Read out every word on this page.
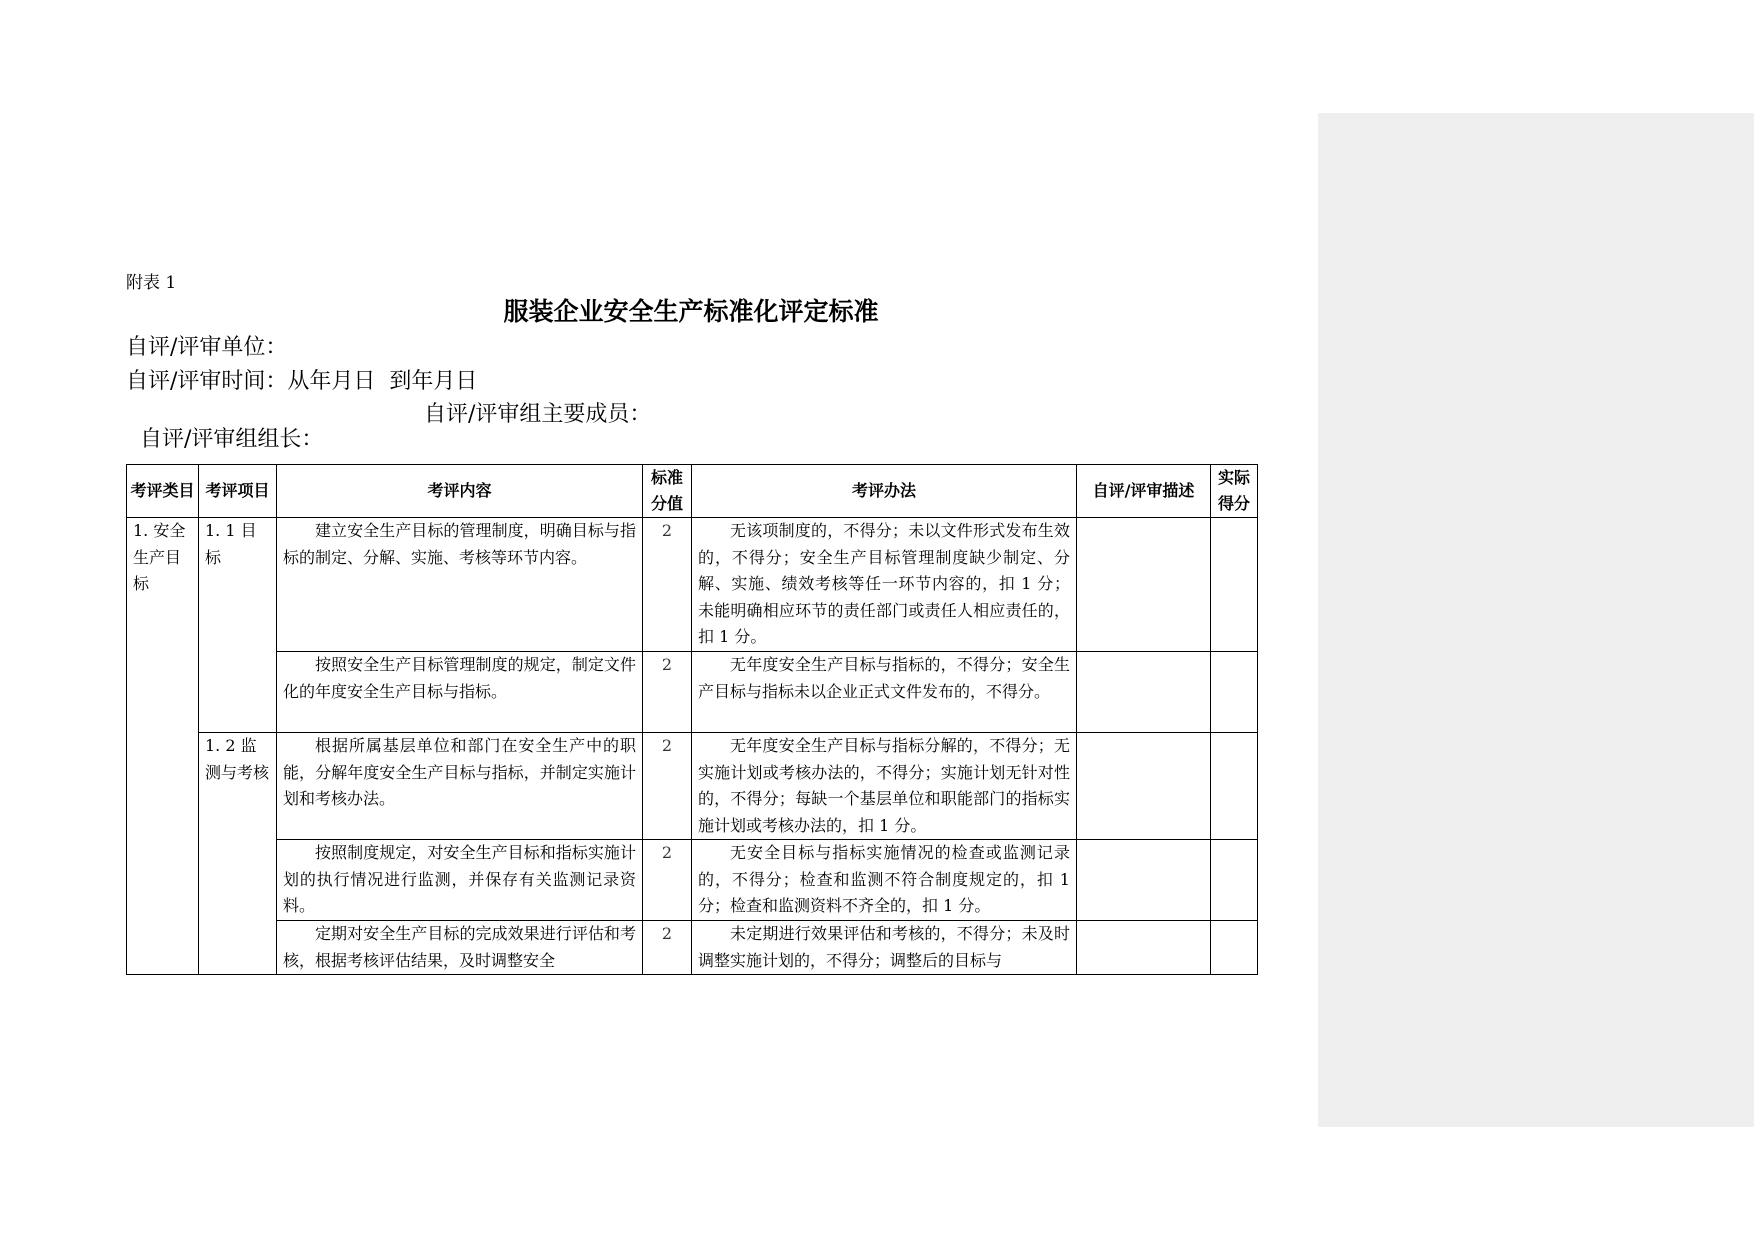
附表 1
服装企业安全生产标准化评定标准
自评/评审单位：
自评/评审时间：从年月日  到年月日

自评/评审组组长：

自评/评审组主要成员：

考评类目	考评项目	考评内容	标准分值	考评办法	自评/评审描述	实际得分
1. 安全生产目标	1. 1 目标	建立安全生产目标的管理制度，明确目标与指标的制定、分解、实施、考核等环节内容。	2	无该项制度的，不得分；未以文件形式发布生效的，不得分；安全生产目标管理制度缺少制定、分解、实施、绩效考核等任一环节内容的，扣 1 分；未能明确相应环节的责任部门或责任人相应责任的，扣 1 分。		
		按照安全生产目标管理制度的规定，制定文件化的年度安全生产目标与指标。	2	无年度安全生产目标与指标的，不得分；安全生产目标与指标未以企业正式文件发布的，不得分。		
	1. 2 监测与考核	根据所属基层单位和部门在安全生产中的职能，分解年度安全生产目标与指标，并制定实施计划和考核办法。	2	无年度安全生产目标与指标分解的，不得分；无实施计划或考核办法的，不得分；实施计划无针对性的，不得分；每缺一个基层单位和职能部门的指标实施计划或考核办法的，扣 1 分。		
		按照制度规定，对安全生产目标和指标实施计划的执行情况进行监测，并保存有关监测记录资料。	2	无安全目标与指标实施情况的检查或监测记录的，不得分；检查和监测不符合制度规定的，扣 1 分；检查和监测资料不齐全的，扣 1 分。		
		定期对安全生产目标的完成效果进行评估和考核，根据考核评估结果，及时调整安全	2	未定期进行效果评估和考核的，不得分；未及时调整实施计划的，不得分；调整后的目标与		
